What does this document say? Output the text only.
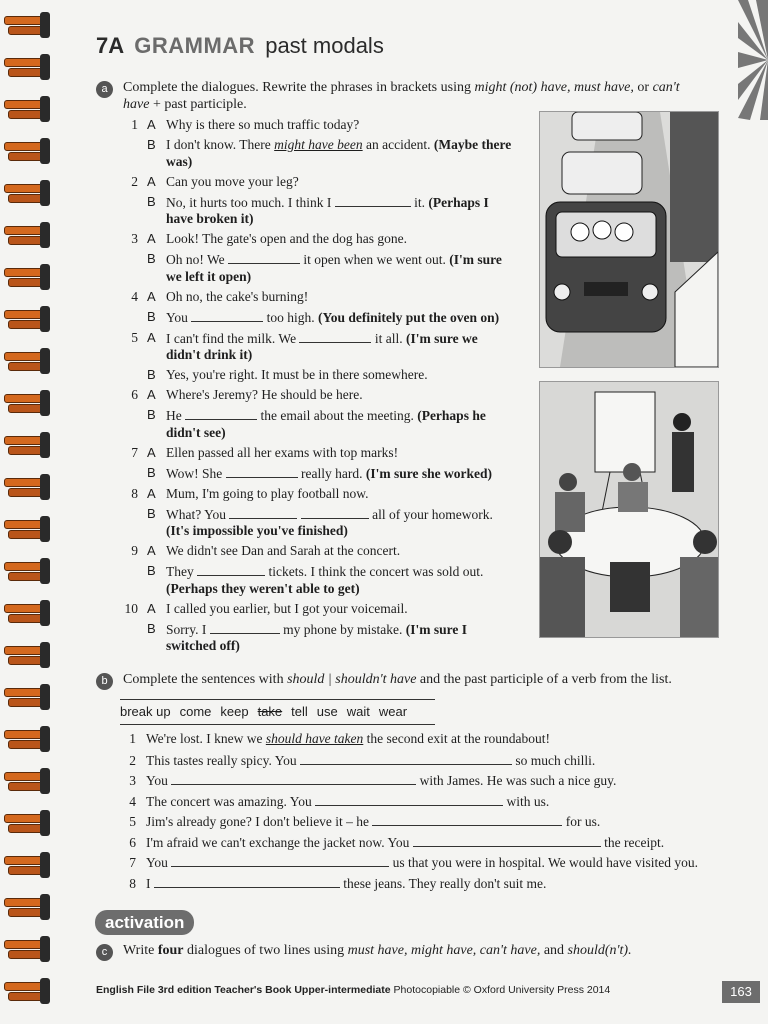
7A GRAMMAR past modals
a	Complete the dialogues. Rewrite the phrases in brackets using might (not) have, must have, or can't have + past participle.
1 A Why is there so much traffic today?
B I don't know. There might have been an accident. (Maybe there was)
2 A Can you move your leg?
B No, it hurts too much. I think I	it. (Perhaps I have broken it)
3 A Look! The gate's open and the dog has gone.
B Oh no! We	it open when we went out. (I'm sure we left it open)
4 A Oh no, the cake's burning!
B You	too high. (You definitely put the oven on)
5 A I can't find the milk. We	it all. (I'm sure we didn't drink it)
B Yes, you're right. It must be in there somewhere.
6 A Where's Jeremy? He should be here.
B He	the email about the meeting. (Perhaps he didn't see)
7 A Ellen passed all her exams with top marks!
B Wow! She	really hard. (I'm sure she worked)
8 A Mum, I'm going to play football now.
B What? You	all of your homework. (It's impossible you've finished)
9 A We didn't see Dan and Sarah at the concert.
B They	tickets. I think the concert was sold out. (Perhaps they weren't able to get)
10 A I called you earlier, but I got your voicemail.
B Sorry. I	my phone by mistake. (I'm sure I switched off)
b	Complete the sentences with should | shouldn't have and the past participle of a verb from the list.
break up come keep take tell use wait wear
1 We're lost. I knew we should have taken the second exit at the roundabout!
2 This tastes really spicy. You	so much chilli.
3 You	with James. He was such a nice guy.
4 The concert was amazing. You	with us.
5 Jim's already gone? I don't believe it – he	for us.
6 I'm afraid we can't exchange the jacket now. You	the receipt.
7 You	us that you were in hospital. We would have visited you.
8 I	these jeans. They really don't suit me.
activation
c	Write four dialogues of two lines using must have, might have, can't have, and should(n't).
English File 3rd edition Teacher's Book Upper-intermediate Photocopiable © Oxford University Press 2014	163
